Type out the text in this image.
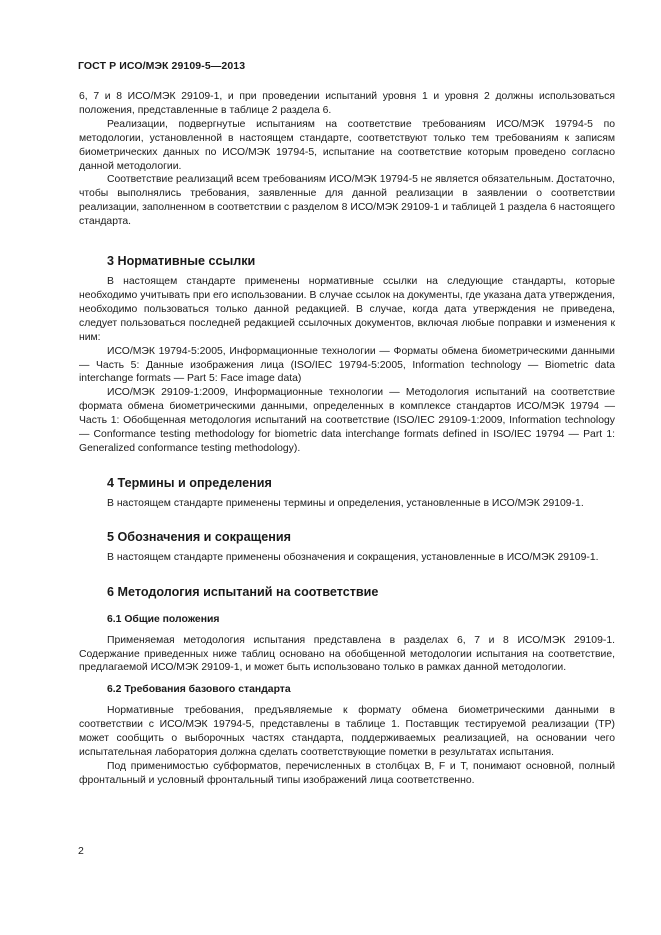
ГОСТ Р ИСО/МЭК 29109-5—2013

6, 7 и 8 ИСО/МЭК 29109-1, и при проведении испытаний уровня 1 и уровня 2 должны использоваться положения, представленные в таблице 2 раздела 6.

Реализации, подвергнутые испытаниям на соответствие требованиям ИСО/МЭК 19794-5 по методологии, установленной в настоящем стандарте, соответствуют только тем требованиям к записям биометрических данных по ИСО/МЭК 19794-5, испытание на соответствие которым проведено согласно данной методологии.

Соответствие реализаций всем требованиям ИСО/МЭК 19794-5 не является обязательным. Достаточно, чтобы выполнялись требования, заявленные для данной реализации в заявлении о соответствии реализации, заполненном в соответствии с разделом 8 ИСО/МЭК 29109-1 и таблицей 1 раздела 6 настоящего стандарта.

3 Нормативные ссылки

В настоящем стандарте применены нормативные ссылки на следующие стандарты, которые необходимо учитывать при его использовании. В случае ссылок на документы, где указана дата утверждения, необходимо пользоваться только данной редакцией. В случае, когда дата утверждения не приведена, следует пользоваться последней редакцией ссылочных документов, включая любые поправки и изменения к ним:

ИСО/МЭК 19794-5:2005, Информационные технологии — Форматы обмена биометрическими данными — Часть 5: Данные изображения лица (ISO/IEC 19794-5:2005, Information technology — Biometric data interchange formats — Part 5: Face image data)

ИСО/МЭК 29109-1:2009, Информационные технологии — Методология испытаний на соответствие формата обмена биометрическими данными, определенных в комплексе стандартов ИСО/МЭК 19794 — Часть 1: Обобщенная методология испытаний на соответствие (ISO/IEC 29109-1:2009, Information technology — Conformance testing methodology for biometric data interchange formats defined in ISO/IEC 19794 — Part 1: Generalized conformance testing methodology).

4 Термины и определения

В настоящем стандарте применены термины и определения, установленные в ИСО/МЭК 29109-1.

5 Обозначения и сокращения

В настоящем стандарте применены обозначения и сокращения, установленные в ИСО/МЭК 29109-1.

6 Методология испытаний на соответствие
6.1 Общие положения

Применяемая методология испытания представлена в разделах 6, 7 и 8 ИСО/МЭК 29109-1. Содержание приведенных ниже таблиц основано на обобщенной методологии испытания на соответствие, предлагаемой ИСО/МЭК 29109-1, и может быть использовано только в рамках данной методологии.

6.2 Требования базового стандарта

Нормативные требования, предъявляемые к формату обмена биометрическими данными в соответствии с ИСО/МЭК 19794-5, представлены в таблице 1. Поставщик тестируемой реализации (ТР) может сообщить о выборочных частях стандарта, поддерживаемых реализацией, на основании чего испытательная лаборатория должна сделать соответствующие пометки в результатах испытания.

Под применимостью субформатов, перечисленных в столбцах B, F и T, понимают основной, полный фронтальный и условный фронтальный типы изображений лица соответственно.

2
